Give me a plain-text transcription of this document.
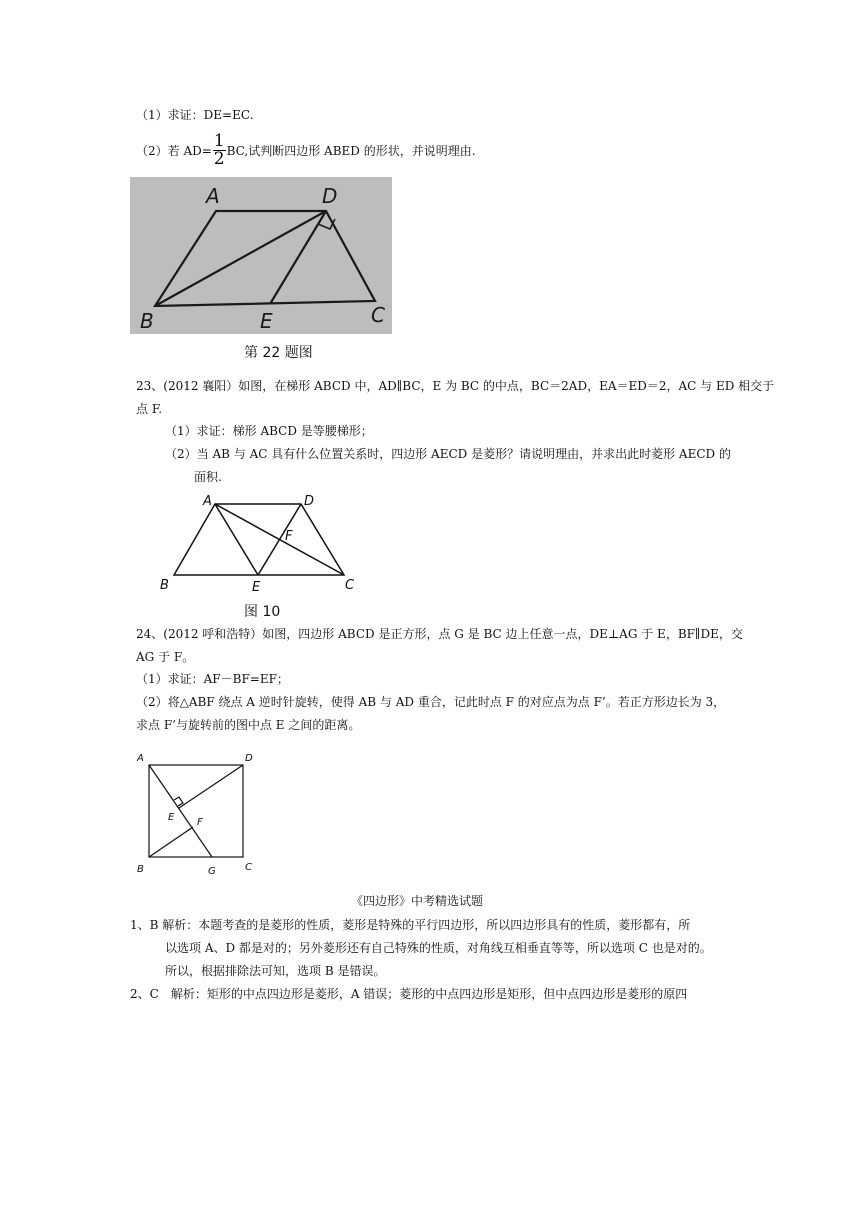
（1）求证：DE=EC.
（2）若 $AD= \frac{1}{2}$ BC,试判断四边形 ABED 的形状，并说明理由.
A	D
B	E	C
第 22 题图
23、(2012 襄阳）如图，在梯形 ABCD 中，AD∥BC，E 为 BC 的中点，BC＝2AD，EA＝ED＝2，AC 与 ED 相交于
点 F.
（1）求证：梯形 ABCD 是等腰梯形；
（2）当 AB 与 AC 具有什么位置关系时，四边形 AECD 是菱形？请说明理由，并求出此时菱形 AECD 的
面积.
A	D
F
B	E	C
图 10
24、(2012 呼和浩特）如图，四边形 ABCD 是正方形，点 G 是 BC 边上任意一点，DE⊥AG 于 E，BF∥DE，交
AG 于 F。
（1）求证：AF－BF=EF；
（2）将△ABF 绕点 A 逆时针旋转，使得 AB 与 AD 重合，记此时点 F 的对应点为点 F’。若正方形边长为 3，
求点 F’与旋转前的图中点 E 之间的距离。
A	D
E F
B	G	C
《四边形》中考精选试题
1、B 解析：本题考查的是菱形的性质，菱形是特殊的平行四边形，所以四边形具有的性质，菱形都有，所
以选项 A、D 都是对的；另外菱形还有自己特殊的性质，对角线互相垂直等等，所以选项 C 也是对的。
所以，根据排除法可知，选项 B 是错误。
2、C　解析：矩形的中点四边形是菱形，A 错误；菱形的中点四边形是矩形，但中点四边形是菱形的原四
